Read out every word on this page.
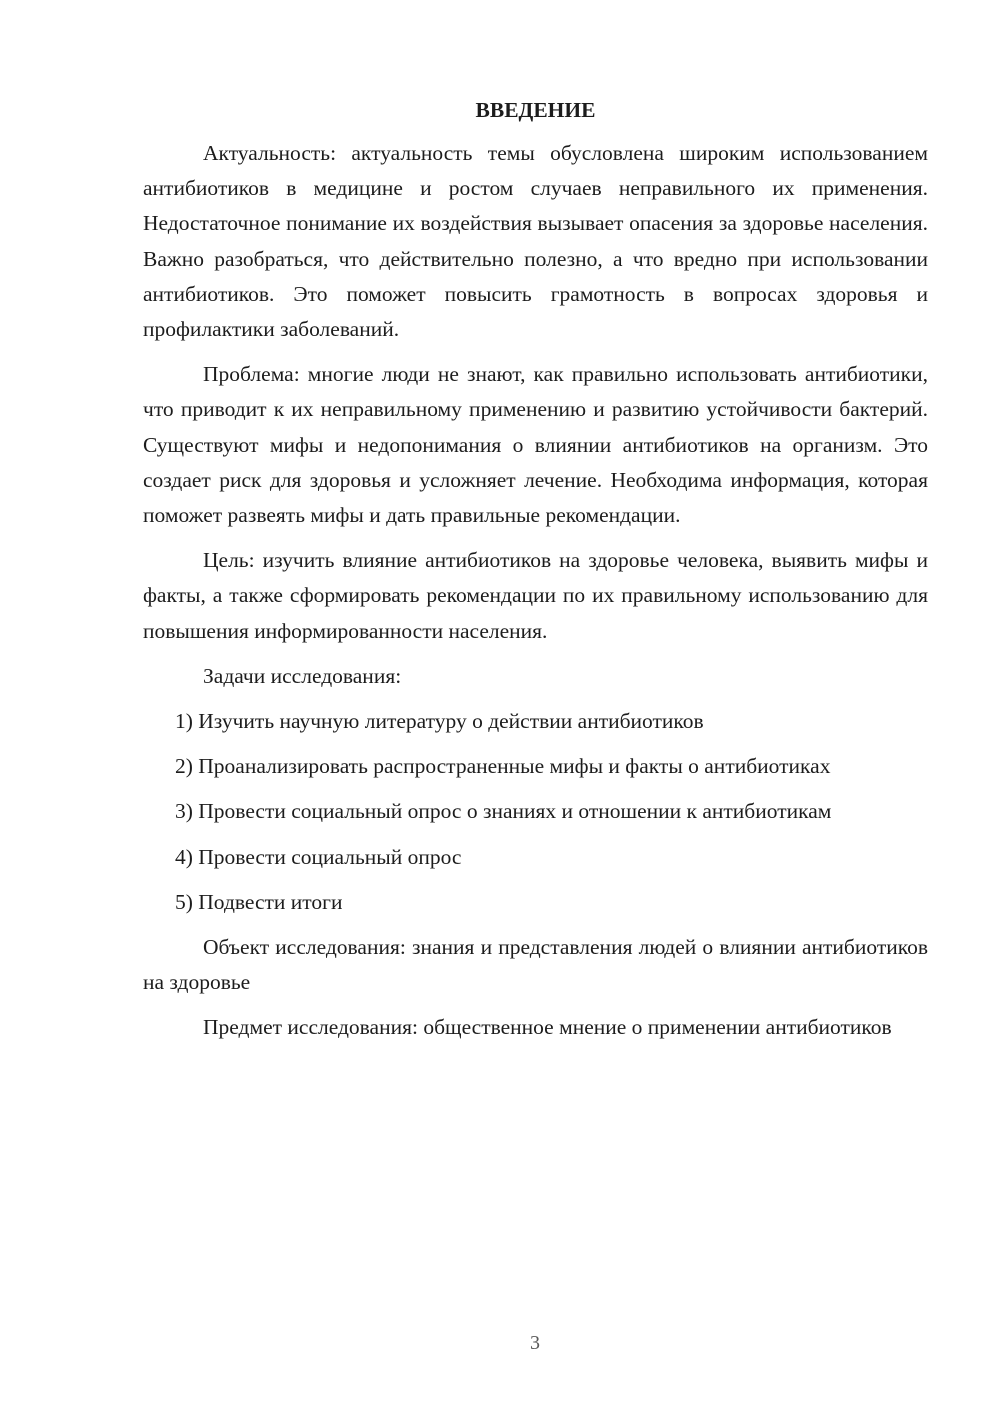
ВВЕДЕНИЕ

Актуальность: актуальность темы обусловлена широким использованием антибиотиков в медицине и ростом случаев неправильного их применения. Недостаточное понимание их воздействия вызывает опасения за здоровье населения. Важно разобраться, что действительно полезно, а что вредно при использовании антибиотиков. Это поможет повысить грамотность в вопросах здоровья и профилактики заболеваний.

Проблема: многие люди не знают, как правильно использовать антибиотики, что приводит к их неправильному применению и развитию устойчивости бактерий. Существуют мифы и недопонимания о влиянии антибиотиков на организм. Это создает риск для здоровья и усложняет лечение. Необходима информация, которая поможет развеять мифы и дать правильные рекомендации.

Цель: изучить влияние антибиотиков на здоровье человека, выявить мифы и факты, а также сформировать рекомендации по их правильному использованию для повышения информированности населения.

Задачи исследования:

1) Изучить научную литературу о действии антибиотиков

2) Проанализировать распространенные мифы и факты о антибиотиках

3) Провести социальный опрос о знаниях и отношении к антибиотикам

4) Провести социальный опрос

5) Подвести итоги

Объект исследования: знания и представления людей о влиянии антибиотиков на здоровье

Предмет исследования: общественное мнение о применении антибиотиков

3
